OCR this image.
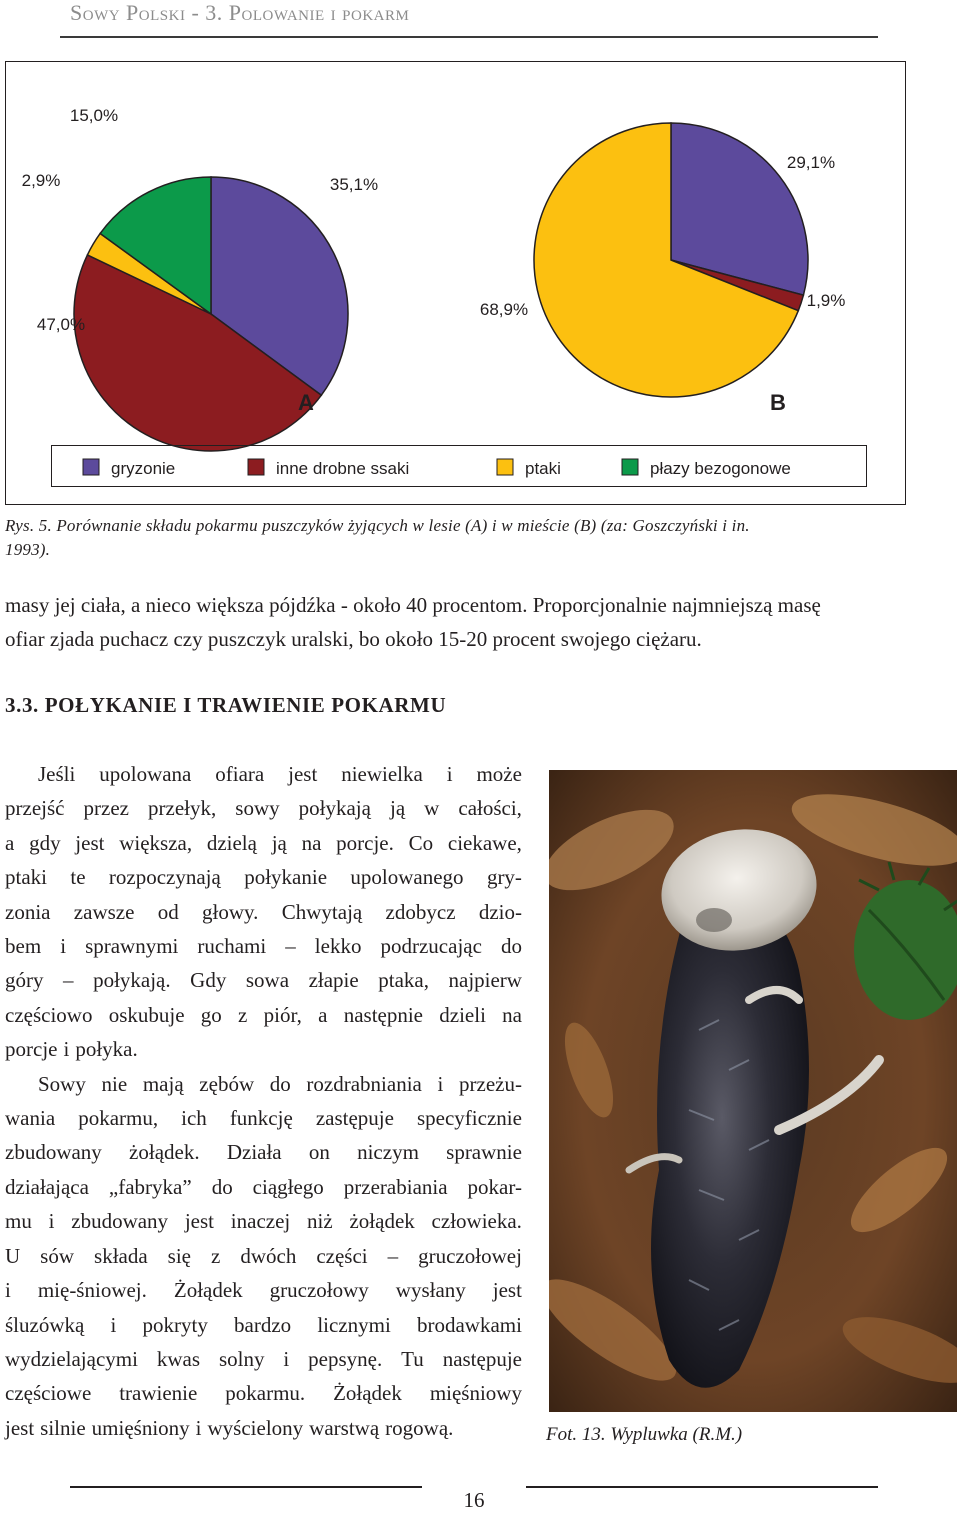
Sowy Polski - 3. Polowanie i pokarm
35,1%
47,0%
2,9%
15,0%
A
29,1%
1,9%
68,9%
B
gryzonie	inne drobne ssaki	ptaki	płazy bezogonowe
Rys. 5. Porównanie składu pokarmu puszczyków żyjących w lesie (A) i w mieście (B) (za: Goszczyński i in.
1993).
masy jej ciała, a nieco większa pójdźka - około 40 procentom. Proporcjonalnie najmniejszą masę
ofiar zjada puchacz czy puszczyk uralski, bo około 15-20 procent swojego ciężaru.
3.3. POŁYKANIE I TRAWIENIE POKARMU
Jeśli upolowana ofiara jest niewielka i może
przejść przez przełyk, sowy połykają ją w całości,
a gdy jest większa, dzielą ją na porcje. Co ciekawe,
ptaki te rozpoczynają połykanie upolowanego gry-
zonia zawsze od głowy. Chwytają zdobycz dzio-
bem i sprawnymi ruchami – lekko podrzucając do
góry – połykają. Gdy sowa złapie ptaka, najpierw
częściowo oskubuje go z piór, a następnie dzieli na
porcje i połyka.
Sowy nie mają zębów do rozdrabniania i przeżu-
wania pokarmu, ich funkcję zastępuje specyficznie
zbudowany żołądek. Działa on niczym sprawnie
działająca „fabryka” do ciągłego przerabiania pokar-
mu i zbudowany jest inaczej niż żołądek człowieka.
U sów składa się z dwóch części – gruczołowej
i mię-śniowej. Żołądek gruczołowy wysłany jest
śluzówką i pokryty bardzo licznymi brodawkami
wydzielającymi kwas solny i pepsynę. Tu następuje
częściowe trawienie pokarmu. Żołądek mięśniowy
jest silnie umięśniony i wyścielony warstwą rogową.	Fot. 13. Wypluwka (R.M.)
16
